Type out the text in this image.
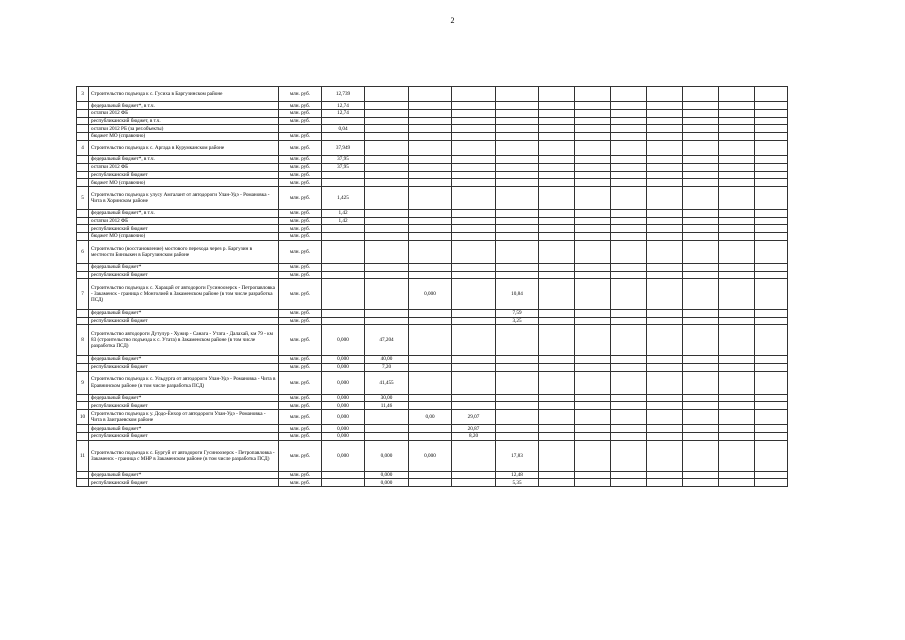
2
3	Строительство подъезда к с. Гусиха в Баргузинском районе	млн. руб.	12,739											
	федеральный бюджет*, в т.ч.	млн. руб.	12,74											
	остатки 2012 ФБ	млн. руб.	12,74											
	республиканский бюджет, в т.ч.	млн. руб.												
	остатки 2012 РБ (за рег.объекты)		0,04											
	бюджет МО (справочно)	млн. руб.												
4	Строительство подъезда к с. Аргада в Курумканском районе	млн. руб.	37,949											
	федеральный бюджет*, в т.ч.	млн. руб.	37,95											
	остатки 2012 ФБ	млн. руб.	37,95											
	республиканский бюджет	млн. руб.												
	бюджет МО (справочно)	млн. руб.												
5	Строительство подъезда к улусу Амгалант от автодороги Улан-Удэ - Романовка - Чита в Хоринском районе	млн. руб.	1,425											
	федеральный бюджет*, в т.ч.	млн. руб.	1,42											
	остатки 2012 ФБ	млн. руб.	1,42											
	республиканский бюджет	млн. руб.												
	бюджет МО (справочно)	млн. руб.												
6	Строительство (восстановление) мостового перехода через р. Баргузин в местности Бинзыкен в Баргузинском районе	млн. руб.												
	федеральный бюджет*	млн. руб.												
	республиканский бюджет	млн. руб.												
7	Строительство подъезда к с. Харацай от автодороги Гусиноозерск - Петропавловка - Закаменск - граница с Монголией в Закаменском районе (в том числе разработка ПСД)	млн. руб.			0,000		10,84							
	федеральный бюджет*	млн. руб.					7,59							
	республиканский бюджет	млн. руб.					3,25							
8	Строительство автодороги Дутулур - Хужир - Санага - Утата - Далахай, км 79 - км 83 (строительство подъезда к с. Утата) в Закаменском районе (в том числе разработка ПСД)	млн. руб.	0,000	47,204										
	федеральный бюджет*	млн. руб.	0,000	40,00										
	республиканский бюджет	млн. руб.	0,000	7,20										
9	Строительство подъезда к с. Ульдурга от автодороги Улан-Удэ - Романовка - Чита в Еравнинском районе (в том числе разработка ПСД)	млн. руб.	0,000	41,455										
	федеральный бюджет*	млн. руб.	0,000	30,00										
	республиканский бюджет	млн. руб.	0,000	11,46										
10	Строительство подъезда к у. Додо-Ёнхор от автодороги Улан-Удэ - Романовка - Чита в Заиграевском районе	млн. руб.	0,000		0,00	29,07								
	федеральный бюджет*	млн. руб.	0,000			20,87								
	республиканский бюджет	млн. руб.	0,000			8,20								
11	Строительство подъезда к с. Бургуй от автодороги Гусиноозерск - Петропавловка - Закаменск - граница с МНР в Закаменском районе (в том числе разработка ПСД)	млн. руб.	0,000	0,000	0,000		17,83							
	федеральный бюджет*	млн. руб.		0,000			12,48							
	республиканский бюджет	млн. руб.		0,000			5,35							
